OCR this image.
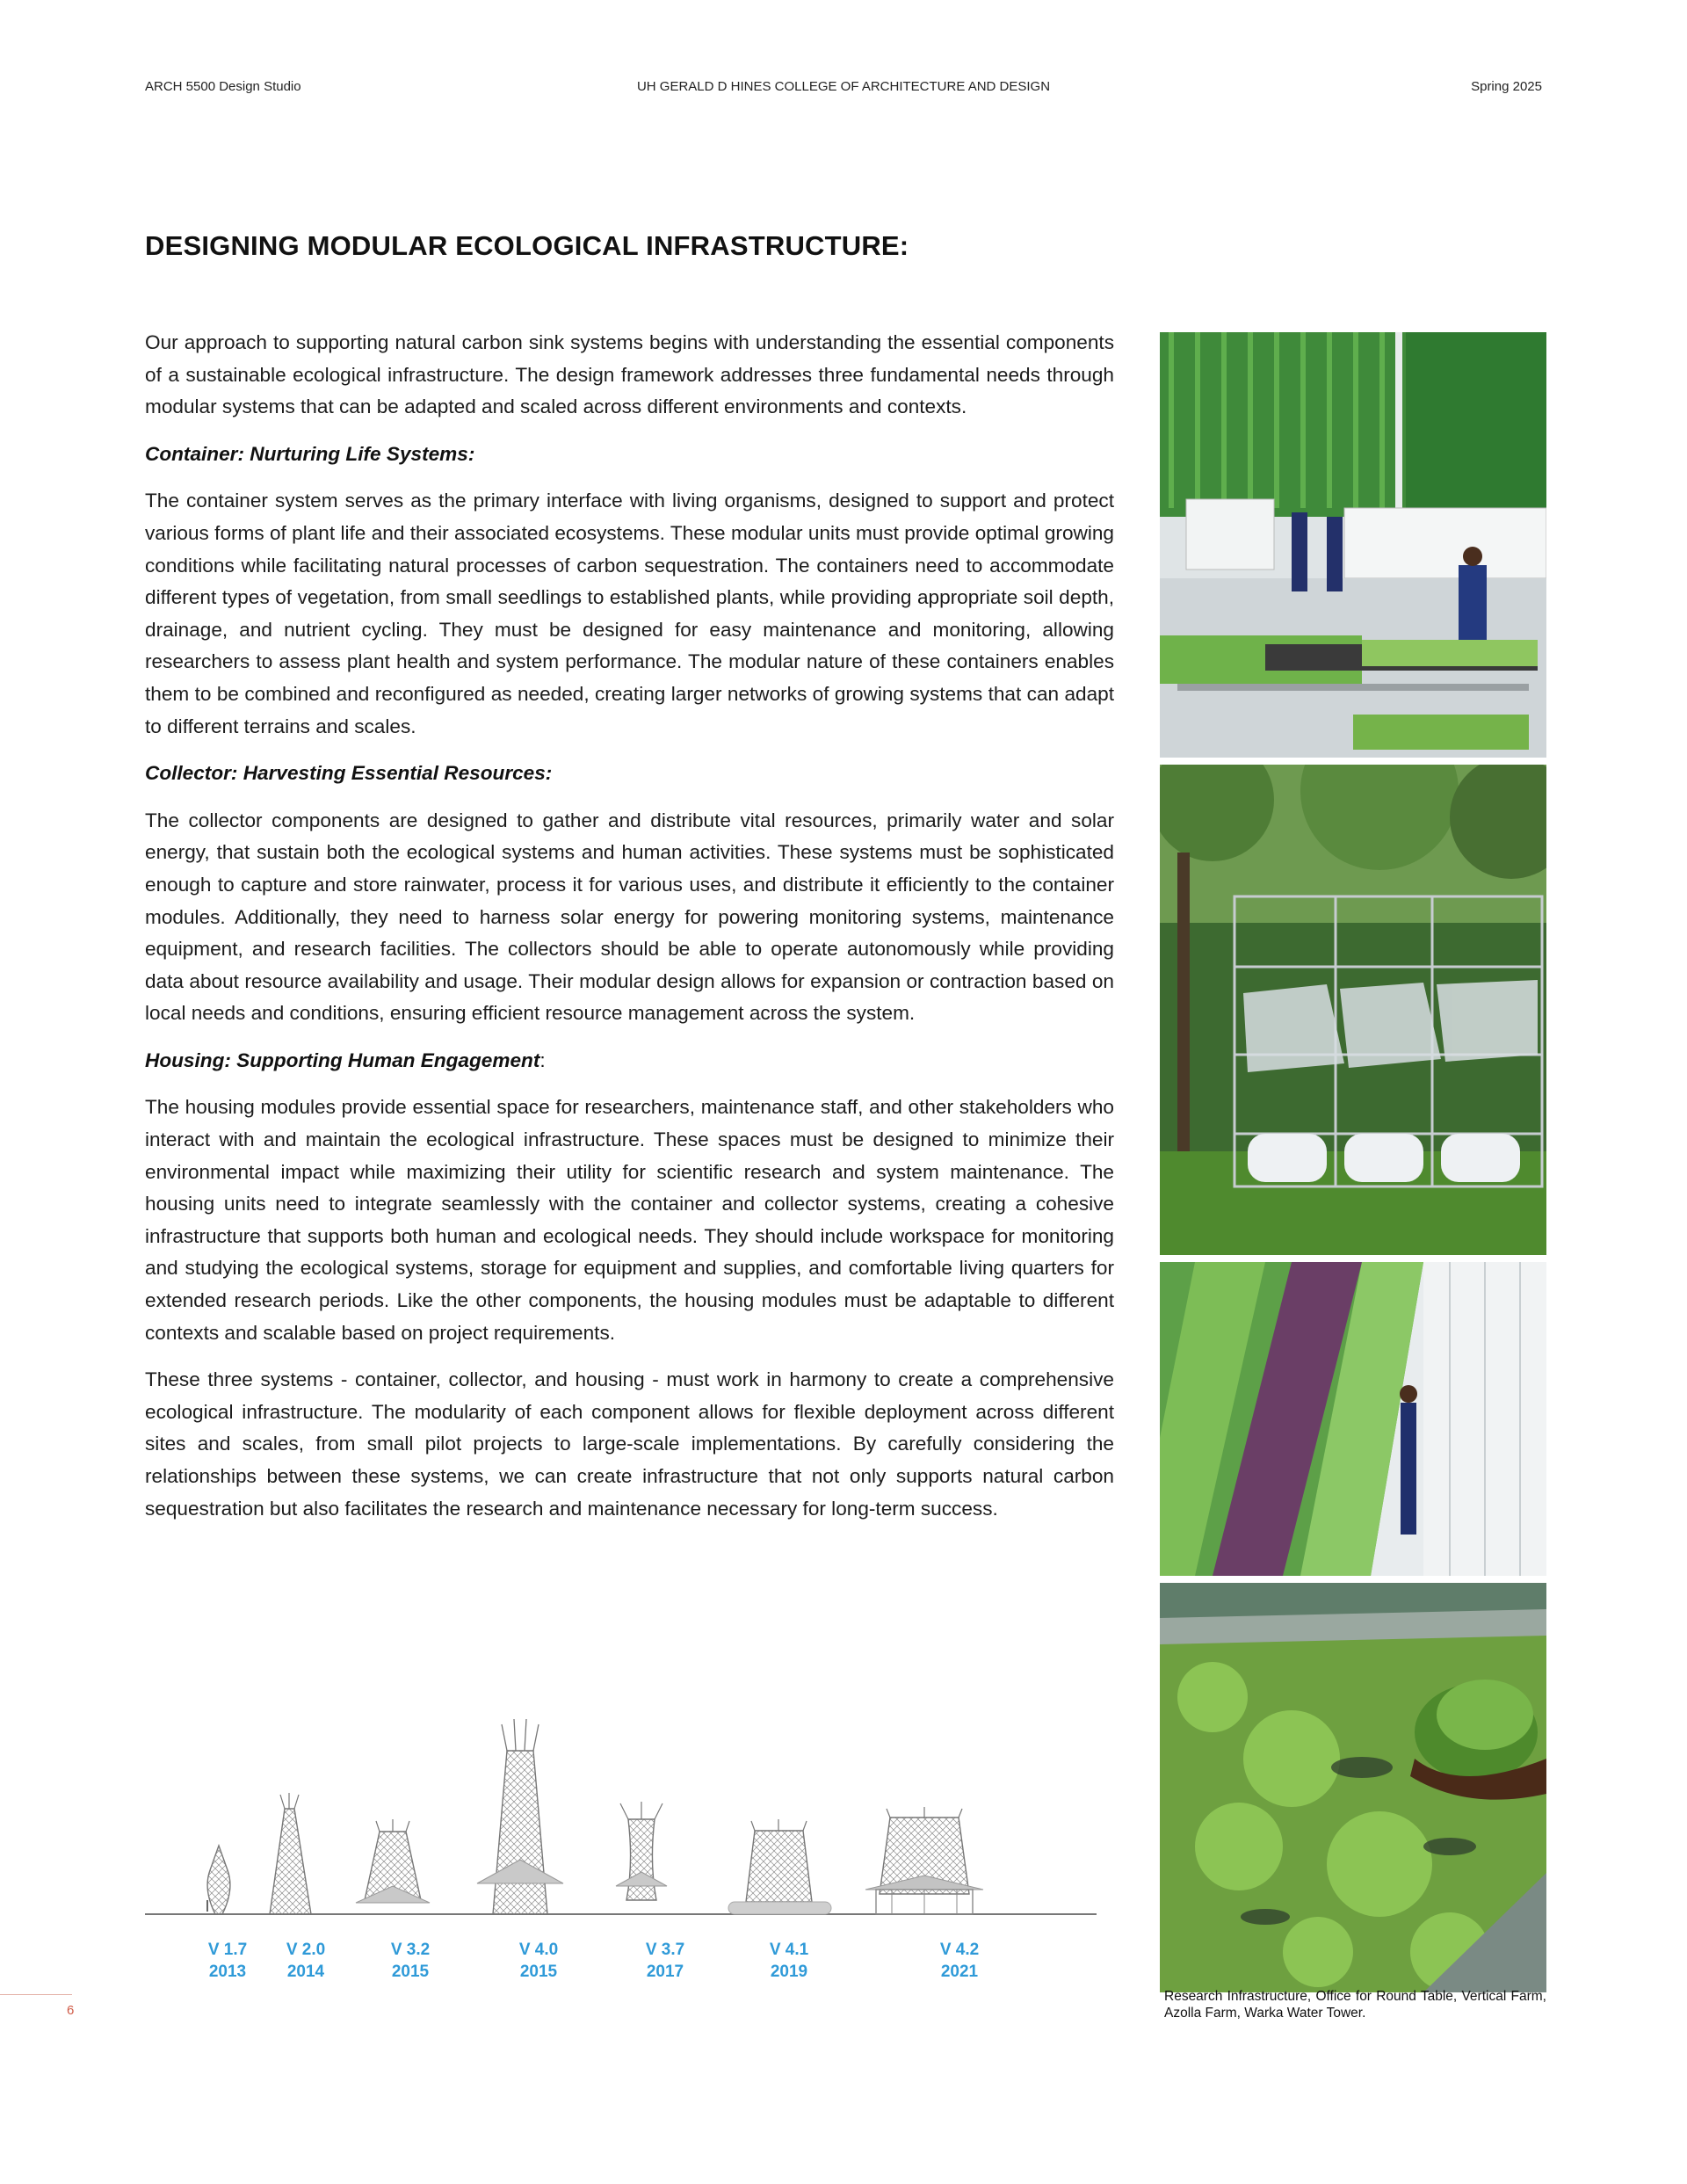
ARCH 5500 Design Studio	UH GERALD D HINES COLLEGE OF ARCHITECTURE AND DESIGN	Spring 2025
DESIGNING MODULAR ECOLOGICAL INFRASTRUCTURE:

Our approach to supporting natural carbon sink systems begins with understanding the essential components of a sustainable ecological infrastructure. The design framework addresses three fundamental needs through modular systems that can be adapted and scaled across different environments and contexts.

Container: Nurturing Life Systems:

The container system serves as the primary interface with living organisms, designed to support and protect various forms of plant life and their associated ecosystems. These modular units must provide optimal growing conditions while facilitating natural processes of carbon sequestration. The containers need to accommodate different types of vegetation, from small seedlings to established plants, while providing appropriate soil depth, drainage, and nutrient cycling. They must be designed for easy maintenance and monitoring, allowing researchers to assess plant health and system performance. The modular nature of these containers enables them to be combined and reconfigured as needed, creating larger networks of growing systems that can adapt to different terrains and scales.

Collector: Harvesting Essential Resources:

The collector components are designed to gather and distribute vital resources, primarily water and solar energy, that sustain both the ecological systems and human activities. These systems must be sophisticated enough to capture and store rainwater, process it for various uses, and distribute it efficiently to the container modules. Additionally, they need to harness solar energy for powering monitoring systems, maintenance equipment, and research facilities. The collectors should be able to operate autonomously while providing data about resource availability and usage. Their modular design allows for expansion or contraction based on local needs and conditions, ensuring efficient resource management across the system.

Housing: Supporting Human Engagement:

The housing modules provide essential space for researchers, maintenance staff, and other stakeholders who interact with and maintain the ecological infrastructure. These spaces must be designed to minimize their environmental impact while maximizing their utility for scientific research and system maintenance. The housing units need to integrate seamlessly with the container and collector systems, creating a cohesive infrastructure that supports both human and ecological needs. They should include workspace for monitoring and studying the ecological systems, storage for equipment and supplies, and comfortable living quarters for extended research periods. Like the other components, the housing modules must be adaptable to different contexts and scalable based on project requirements.

These three systems - container, collector, and housing - must work in harmony to create a comprehensive ecological infrastructure. The modularity of each component allows for flexible deployment across different sites and scales, from small pilot projects to large-scale implementations. By carefully considering the relationships between these systems, we can create infrastructure that not only supports natural carbon sequestration but also facilitates the research and maintenance necessary for long-term success.

V 1.7
2013
V 2.0
2014
V 3.2
2015
V 4.0
2015
V 3.7
2017
V 4.1
2019
V 4.2
2021
Research Infrastructure, Office for Round Table, Vertical Farm, Azolla Farm, Warka Water Tower.
6
